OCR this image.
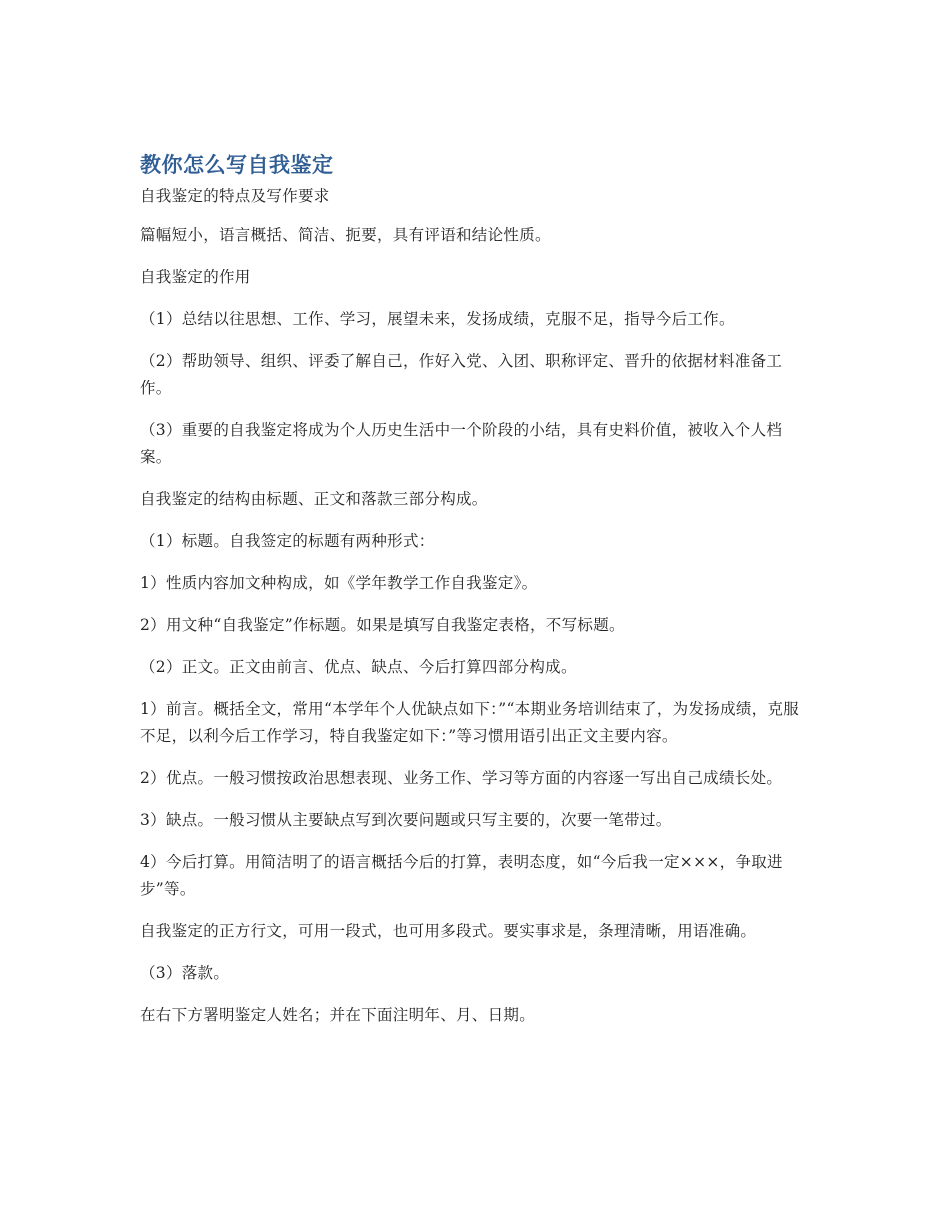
教你怎么写自我鉴定

自我鉴定的特点及写作要求

篇幅短小，语言概括、简洁、扼要，具有评语和结论性质。

自我鉴定的作用

（1）总结以往思想、工作、学习，展望未来，发扬成绩，克服不足，指导今后工作。

（2）帮助领导、组织、评委了解自己，作好入党、入团、职称评定、晋升的依据材料准备工作。

（3）重要的自我鉴定将成为个人历史生活中一个阶段的小结，具有史料价值，被收入个人档案。

自我鉴定的结构由标题、正文和落款三部分构成。

（1）标题。自我签定的标题有两种形式：

1）性质内容加文种构成，如《学年教学工作自我鉴定》。

2）用文种“自我鉴定”作标题。如果是填写自我鉴定表格，不写标题。

（2）正文。正文由前言、优点、缺点、今后打算四部分构成。

1）前言。概括全文，常用“本学年个人优缺点如下：”“本期业务培训结束了，为发扬成绩，克服不足，以利今后工作学习，特自我鉴定如下：”等习惯用语引出正文主要内容。

2）优点。一般习惯按政治思想表现、业务工作、学习等方面的内容逐一写出自己成绩长处。

3）缺点。一般习惯从主要缺点写到次要问题或只写主要的，次要一笔带过。

4）今后打算。用简洁明了的语言概括今后的打算，表明态度，如“今后我一定×××，争取进步”等。

自我鉴定的正方行文，可用一段式，也可用多段式。要实事求是，条理清晰，用语准确。

（3）落款。

在右下方署明鉴定人姓名；并在下面注明年、月、日期。
